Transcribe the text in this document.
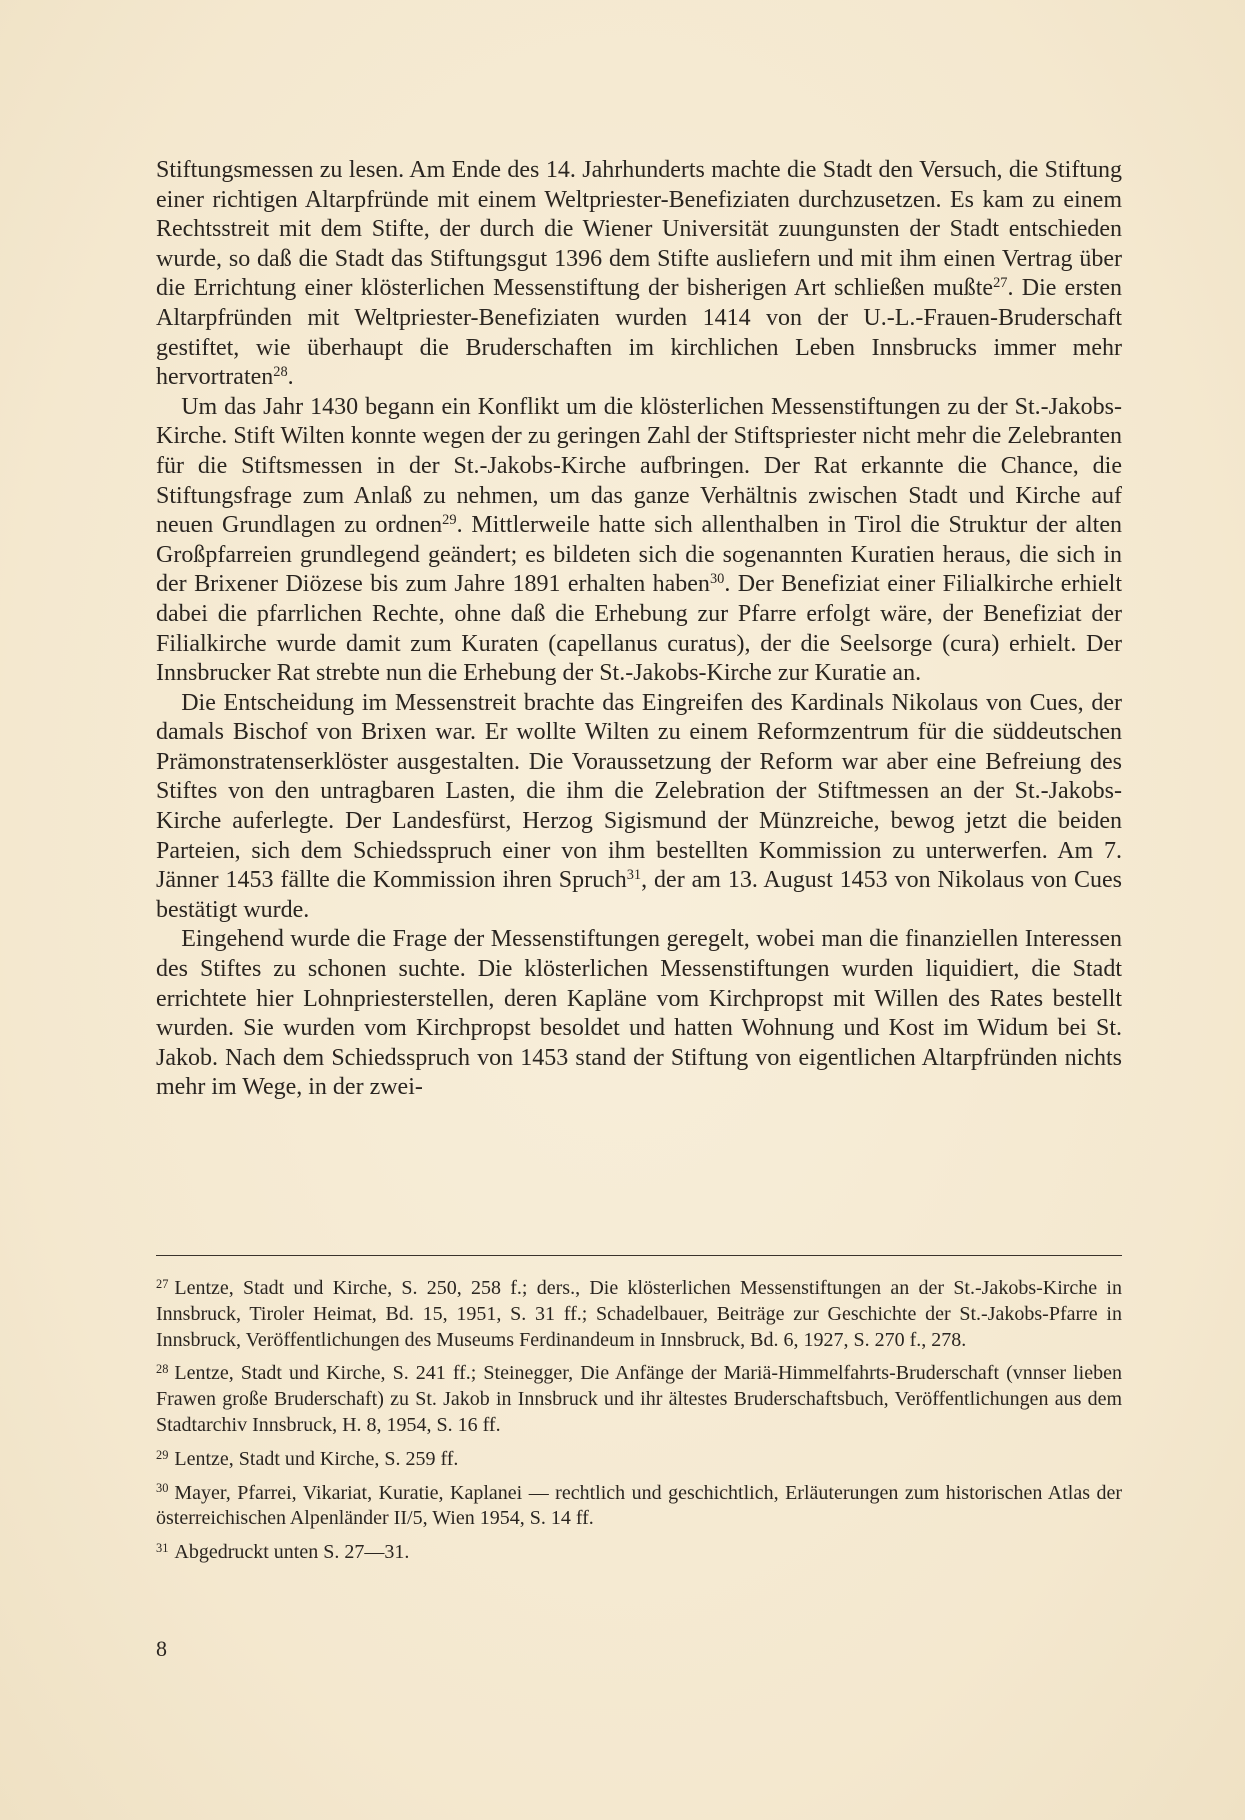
Stiftungsmessen zu lesen. Am Ende des 14. Jahrhunderts machte die Stadt den Versuch, die Stiftung einer richtigen Altarpfründe mit einem Weltpriester-Benefiziaten durchzusetzen. Es kam zu einem Rechtsstreit mit dem Stifte, der durch die Wiener Universität zuungunsten der Stadt entschieden wurde, so daß die Stadt das Stiftungsgut 1396 dem Stifte ausliefern und mit ihm einen Vertrag über die Errichtung einer klösterlichen Messenstiftung der bisherigen Art schließen mußte$^{27}$. Die ersten Altarpfründen mit Weltpriester-Benefiziaten wurden 1414 von der U.-L.-Frauen-Bruderschaft gestiftet, wie überhaupt die Bruderschaften im kirchlichen Leben Innsbrucks immer mehr hervortraten$^{28}$.

Um das Jahr 1430 begann ein Konflikt um die klösterlichen Messenstiftungen zu der St.-Jakobs-Kirche. Stift Wilten konnte wegen der zu geringen Zahl der Stiftspriester nicht mehr die Zelebranten für die Stiftsmessen in der St.-Jakobs-Kirche aufbringen. Der Rat erkannte die Chance, die Stiftungsfrage zum Anlaß zu nehmen, um das ganze Verhältnis zwischen Stadt und Kirche auf neuen Grundlagen zu ordnen$^{29}$. Mittlerweile hatte sich allenthalben in Tirol die Struktur der alten Großpfarreien grundlegend geändert; es bildeten sich die sogenannten Kuratien heraus, die sich in der Brixener Diözese bis zum Jahre 1891 erhalten haben$^{30}$. Der Benefiziat einer Filialkirche erhielt dabei die pfarrlichen Rechte, ohne daß die Erhebung zur Pfarre erfolgt wäre, der Benefiziat der Filialkirche wurde damit zum Kuraten (capellanus curatus), der die Seelsorge (cura) erhielt. Der Innsbrucker Rat strebte nun die Erhebung der St.-Jakobs-Kirche zur Kuratie an.

Die Entscheidung im Messenstreit brachte das Eingreifen des Kardinals Nikolaus von Cues, der damals Bischof von Brixen war. Er wollte Wilten zu einem Reformzentrum für die süddeutschen Prämonstratenserklöster ausgestalten. Die Voraussetzung der Reform war aber eine Befreiung des Stiftes von den untragbaren Lasten, die ihm die Zelebration der Stiftmessen an der St.-Jakobs-Kirche auferlegte. Der Landesfürst, Herzog Sigismund der Münzreiche, bewog jetzt die beiden Parteien, sich dem Schiedsspruch einer von ihm bestellten Kommission zu unterwerfen. Am 7. Jänner 1453 fällte die Kommission ihren Spruch$^{31}$, der am 13. August 1453 von Nikolaus von Cues bestätigt wurde.

Eingehend wurde die Frage der Messenstiftungen geregelt, wobei man die finanziellen Interessen des Stiftes zu schonen suchte. Die klösterlichen Messenstiftungen wurden liquidiert, die Stadt errichtete hier Lohnpriesterstellen, deren Kapläne vom Kirchpropst mit Willen des Rates bestellt wurden. Sie wurden vom Kirchpropst besoldet und hatten Wohnung und Kost im Widum bei St. Jakob. Nach dem Schiedsspruch von 1453 stand der Stiftung von eigentlichen Altarpfründen nichts mehr im Wege, in der zwei-

$^{27}$ Lentze, Stadt und Kirche, S. 250, 258 f.; ders., Die klösterlichen Messenstiftungen an der St.-Jakobs-Kirche in Innsbruck, Tiroler Heimat, Bd. 15, 1951, S. 31 ff.; Schadelbauer, Beiträge zur Geschichte der St.-Jakobs-Pfarre in Innsbruck, Veröffentlichungen des Museums Ferdinandeum in Innsbruck, Bd. 6, 1927, S. 270 f., 278.
$^{28}$ Lentze, Stadt und Kirche, S. 241 ff.; Steinegger, Die Anfänge der Mariä-Himmelfahrts-Bruderschaft (vnnser lieben Frawen große Bruderschaft) zu St. Jakob in Innsbruck und ihr ältestes Bruderschaftsbuch, Veröffentlichungen aus dem Stadtarchiv Innsbruck, H. 8, 1954, S. 16 ff.
$^{29}$ Lentze, Stadt und Kirche, S. 259 ff.
$^{30}$ Mayer, Pfarrei, Vikariat, Kuratie, Kaplanei — rechtlich und geschichtlich, Erläuterungen zum historischen Atlas der österreichischen Alpenländer II/5, Wien 1954, S. 14 ff.
$^{31}$ Abgedruckt unten S. 27—31.
8
